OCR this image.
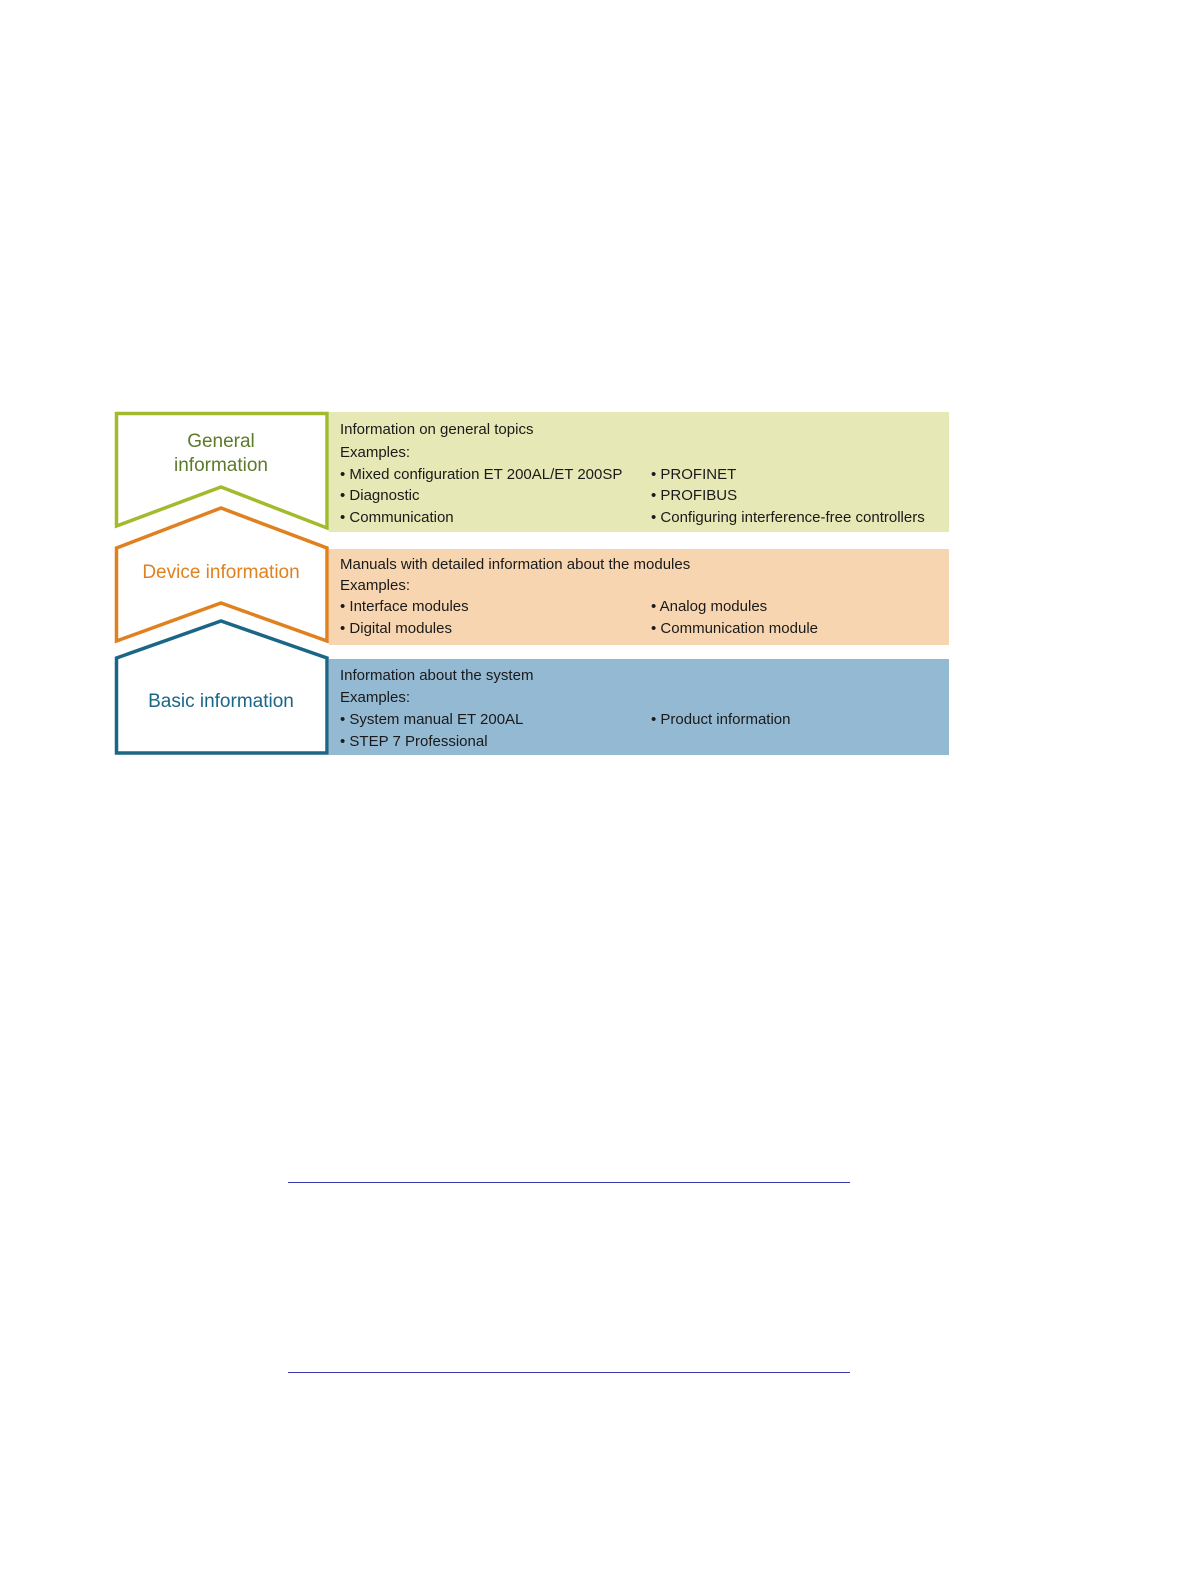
Basic information
Information about the system
Examples:
• System manual ET 200AL
• STEP 7 Professional
• Product information
Device information	Manuals with detailed information about the modules
Examples:
• Interface modules
• Digital modules
• Analog modules
• Communication module
General
information
Information on general topics
Examples:
• Mixed configuration ET 200AL/ET 200SP
• Diagnostic
• Communication
• PROFINET
• PROFIBUS
• Configuring interference-free controllers
